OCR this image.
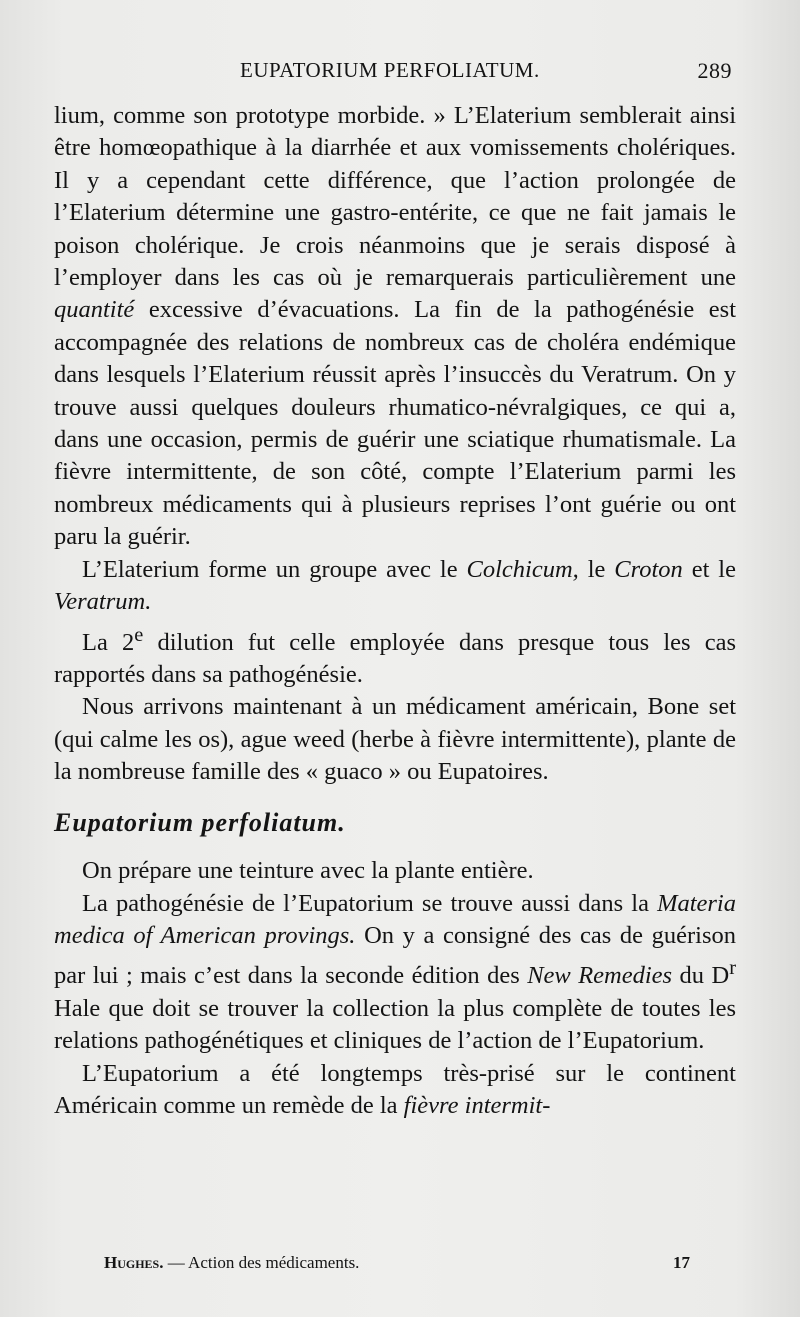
EUPATORIUM PERFOLIATUM.	289

lium, comme son prototype morbide. » L’Elaterium semblerait ainsi être homœopathique à la diarrhée et aux vomissements cholériques. Il y a cependant cette différence, que l’action prolongée de l’Elaterium détermine une gastro-entérite, ce que ne fait jamais le poison cholérique. Je crois néanmoins que je serais disposé à l’employer dans les cas où je remarquerais particulièrement une quantité excessive d’évacuations. La fin de la pathogénésie est accompagnée des relations de nombreux cas de choléra endémique dans lesquels l’Elaterium réussit après l’insuccès du Veratrum. On y trouve aussi quelques douleurs rhumatico-névralgiques, ce qui a, dans une occasion, permis de guérir une sciatique rhumatismale. La fièvre intermittente, de son côté, compte l’Elaterium parmi les nombreux médicaments qui à plusieurs reprises l’ont guérie ou ont paru la guérir.

L’Elaterium forme un groupe avec le Colchicum, le Croton et le Veratrum.

La 2e dilution fut celle employée dans presque tous les cas rapportés dans sa pathogénésie.

Nous arrivons maintenant à un médicament américain, Bone set (qui calme les os), ague weed (herbe à fièvre intermittente), plante de la nombreuse famille des « guaco » ou Eupatoires.

Eupatorium perfoliatum.

On prépare une teinture avec la plante entière.

La pathogénésie de l’Eupatorium se trouve aussi dans la Materia medica of American provings. On y a consigné des cas de guérison par lui ; mais c’est dans la seconde édition des New Remedies du $D^r$ Hale que doit se trouver la collection la plus complète de toutes les relations pathogénétiques et cliniques de l’action de l’Eupatorium.

L’Eupatorium a été longtemps très-prisé sur le continent Américain comme un remède de la fièvre intermit-

Hughes. — Action des médicaments.	17
